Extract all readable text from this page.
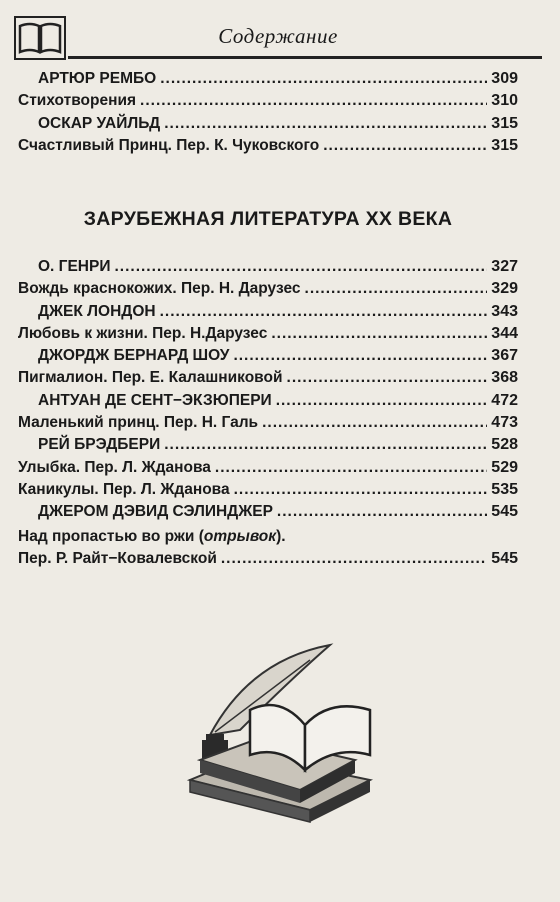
Содержание
АРТЮР РЕМБО .....	309
Стихотворения .....	310
ОСКАР УАЙЛЬД .....	315
Счастливый Принц. Пер. К. Чуковского .....	315
ЗАРУБЕЖНАЯ ЛИТЕРАТУРА XX ВЕКА
О. ГЕНРИ .....	327
Вождь краснокожих. Пер. Н. Дарузес .....	329
ДЖЕК ЛОНДОН .....	343
Любовь к жизни. Пер. Н.Дарузес .....	344
ДЖОРДЖ БЕРНАРД ШОУ .....	367
Пигмалион. Пер. Е. Калашниковой .....	368
АНТУАН ДЕ СЕНТ−ЭКЗЮПЕРИ .....	472
Маленький принц. Пер. Н. Галь .....	473
РЕЙ БРЭДБЕРИ .....	528
Улыбка. Пер. Л. Жданова .....	529
Каникулы. Пер. Л. Жданова .....	535
ДЖЕРОМ ДЭВИД СЭЛИНДЖЕР .....	545
Над пропастью во ржи (отрывок).
Пер. Р. Райт−Ковалевской .....	545
